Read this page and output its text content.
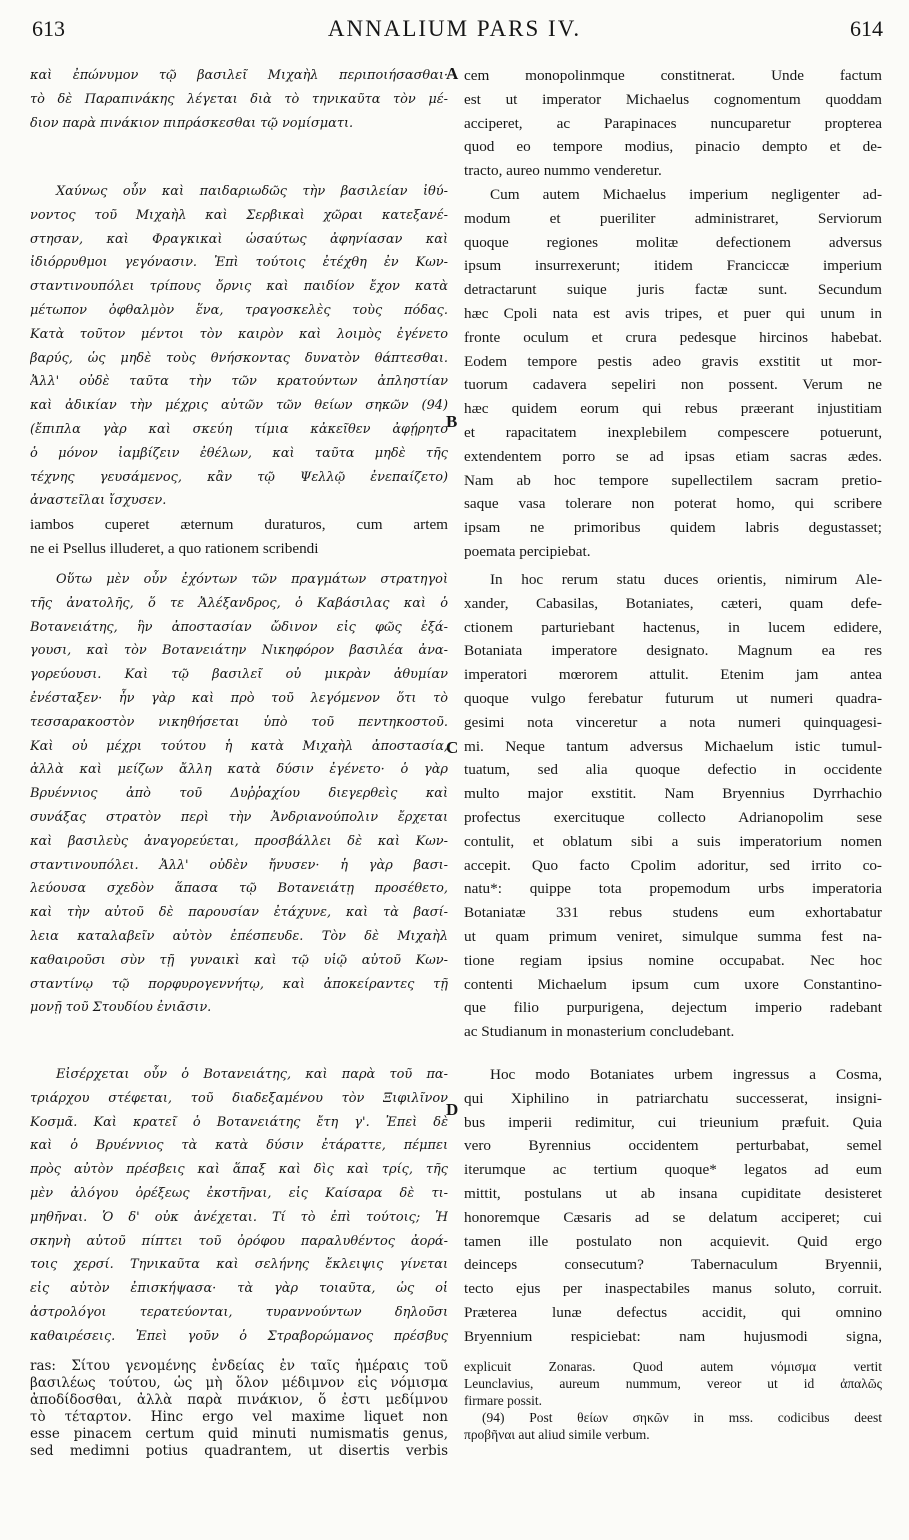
613	ANNALIUM PARS IV.	614
A
B
C
D
καὶ ἐπώνυμον τῷ βασιλεῖ Μιχαὴλ περιποιήσασθαι·
τὸ δὲ Παραπινάκης λέγεται διὰ τὸ τηνικαῦτα τὸν μέ-
διον παρὰ πινάκιον πιπράσκεσθαι τῷ νομίσματι.
Χαύνως οὖν καὶ παιδαριωδῶς τὴν βασιλείαν ἰθύ-
νοντος τοῦ Μιχαὴλ καὶ Σερβικαὶ χῶραι κατεξανέ-
στησαν, καὶ Φραγκικαὶ ὡσαύτως ἀφηνίασαν καὶ
ἰδιόρρυθμοι γεγόνασιν. Ἐπὶ τούτοις ἐτέχθη ἐν Κων-
σταντινουπόλει τρίπους ὄρνις καὶ παιδίον ἔχον κατὰ
μέτωπον ὀφθαλμὸν ἕνα, τραγοσκελὲς τοὺς πόδας.
Κατὰ τοῦτον μέντοι τὸν καιρὸν καὶ λοιμὸς ἐγένετο
βαρύς, ὡς μηδὲ τοὺς θνήσκοντας δυνατὸν θάπτεσθαι.
Ἀλλ' οὐδὲ ταῦτα τὴν τῶν κρατούντων ἀπληστίαν
καὶ ἀδικίαν τὴν μέχρις αὐτῶν τῶν θείων σηκῶν (94)
(ἔπιπλα γὰρ καὶ σκεύη τίμια κἀκεῖθεν ἀφῄρητο
ὁ μόνον ἰαμβίζειν ἐθέλων, καὶ ταῦτα μηδὲ τῆς
τέχνης γευσάμενος, κἂν τῷ Ψελλῷ ἐνεπαίζετο)
ἀναστεῖλαι ἴσχυσεν.
iambos cuperet æternum duraturos, cum artem
ne ei Psellus illuderet, a quo rationem scribendi
Οὕτω μὲν οὖν ἐχόντων τῶν πραγμάτων στρατηγοὶ
τῆς ἀνατολῆς, ὅ τε Ἀλέξανδρος, ὁ Καβάσιλας καὶ ὁ
Βοτανειάτης, ἣν ἀποστασίαν ὤδινον εἰς φῶς ἐξά-
γουσι, καὶ τὸν Βοτανειάτην Νικηφόρον βασιλέα ἀνα-
γορεύουσι. Καὶ τῷ βασιλεῖ οὐ μικρὰν ἀθυμίαν
ἐνέσταξεν· ἦν γὰρ καὶ πρὸ τοῦ λεγόμενον ὅτι τὸ
τεσσαρακοστὸν νικηθήσεται ὑπὸ τοῦ πεντηκοστοῦ.
Καὶ οὐ μέχρι τούτου ἡ κατὰ Μιχαὴλ ἀποστασία,
ἀλλὰ καὶ μείζων ἄλλη κατὰ δύσιν ἐγένετο· ὁ γὰρ
Βρυέννιος ἀπὸ τοῦ Δυῤῥαχίου διεγερθεὶς καὶ
συνάξας στρατὸν περὶ τὴν Ἀνδριανούπολιν ἔρχεται
καὶ βασιλεὺς ἀναγορεύεται, προσβάλλει δὲ καὶ Κων-
σταντινουπόλει. Ἀλλ' οὐδὲν ἤνυσεν· ἡ γὰρ βασι-
λεύουσα σχεδὸν ἅπασα τῷ Βοτανειάτῃ προσέθετο,
καὶ τὴν αὐτοῦ δὲ παρουσίαν ἐτάχυνε, καὶ τὰ βασί-
λεια καταλαβεῖν αὐτὸν ἐπέσπευδε. Τὸν δὲ Μιχαὴλ
καθαιροῦσι σὺν τῇ γυναικὶ καὶ τῷ υἱῷ αὐτοῦ Κων-
σταντίνῳ τῷ πορφυρογεννήτῳ, καὶ ἀποκείραντες τῇ
μονῇ τοῦ Στουδίου ἐνιᾶσιν.
Εἰσέρχεται οὖν ὁ Βοτανειάτης, καὶ παρὰ τοῦ πα-
τριάρχου στέφεται, τοῦ διαδεξαμένου τὸν Ξιφιλῖνον
Κοσμᾶ. Καὶ κρατεῖ ὁ Βοτανειάτης ἔτη γ'. Ἐπεὶ δὲ
καὶ ὁ Βρυέννιος τὰ κατὰ δύσιν ἐτάραττε, πέμπει
πρὸς αὐτὸν πρέσβεις καὶ ἅπαξ καὶ δὶς καὶ τρίς, τῆς
μὲν ἀλόγου ὀρέξεως ἐκστῆναι, εἰς Καίσαρα δὲ τι-
μηθῆναι. Ὁ δ' οὐκ ἀνέχεται. Τί τὸ ἐπὶ τούτοις; Ἡ
σκηνὴ αὐτοῦ πίπτει τοῦ ὀρόφου παραλυθέντος ἀορά-
τοις χερσί. Τηνικαῦτα καὶ σελήνης ἔκλειψις γίνεται
εἰς αὐτὸν ἐπισκήψασα· τὰ γὰρ τοιαῦτα, ὡς οἱ
ἀστρολόγοι τερατεύονται, τυραννούντων δηλοῦσι
καθαιρέσεις. Ἐπεὶ γοῦν ὁ Στραβορώμανος πρέσβυς
cem monopolinmque constitnerat. Unde factum
est ut imperator Michaelus cognomentum quoddam
acciperet, ac Parapinaces nuncuparetur propterea
quod eo tempore modius, pinacio dempto et de-
tracto, aureo nummo venderetur.
Cum autem Michaelus imperium negligenter ad-
modum et pueriliter administraret, Serviorum
quoque regiones molitæ defectionem adversus
ipsum insurrexerunt; itidem Franciccæ imperium
detractarunt suique juris factæ sunt. Secundum
hæc Cpoli nata est avis tripes, et puer qui unum in
fronte oculum et crura pedesque hircinos habebat.
Eodem tempore pestis adeo gravis exstitit ut mor-
tuorum cadavera sepeliri non possent. Verum ne
hæc quidem eorum qui rebus præerant injustitiam
et rapacitatem inexplebilem compescere potuerunt,
extendentem porro se ad ipsas etiam sacras ædes.
Nam ab hoc tempore supellectilem sacram pretio-
saque vasa tolerare non poterat homo, qui scribere
ipsam ne primoribus quidem labris degustasset;
poemata percipiebat.
In hoc rerum statu duces orientis, nimirum Ale-
xander, Cabasilas, Botaniates, cæteri, quam defe-
ctionem parturiebant hactenus, in lucem edidere,
Botaniata imperatore designato. Magnum ea res
imperatori mœrorem attulit. Etenim jam antea
quoque vulgo ferebatur futurum ut numeri quadra-
gesimi nota vinceretur a nota numeri quinquagesi-
mi. Neque tantum adversus Michaelum istic tumul-
tuatum, sed alia quoque defectio in occidente
multo major exstitit. Nam Bryennius Dyrrhachio
profectus exercituque collecto Adrianopolim sese
contulit, et oblatum sibi a suis imperatorium nomen
accepit. Quo facto Cpolim adoritur, sed irrito co-
natu*: quippe tota propemodum urbs imperatoria
Botaniatæ 331 rebus studens eum exhortabatur
ut quam primum veniret, simulque summa fest na-
tione regiam ipsius nomine occupabat. Nec hoc
contenti Michaelum ipsum cum uxore Constantino-
que filio purpurigena, dejectum imperio radebant
ac Studianum in monasterium concludebant.
Hoc modo Botaniates urbem ingressus a Cosma,
qui Xiphilino in patriarchatu successerat, insigni-
bus imperii redimitur, cui trieunium præfuit. Quia
vero Byrennius occidentem perturbabat, semel
iterumque ac tertium quoque* legatos ad eum
mittit, postulans ut ab insana cupiditate desisteret
honoremque Cæsaris ad se delatum acciperet; cui
tamen ille postulato non acquievit. Quid ergo
deinceps consecutum? Tabernaculum Bryennii,
tecto ejus per inaspectabiles manus soluto, corruit.
Præterea lunæ defectus accidit, qui omnino
Bryennium respiciebat: nam hujusmodi signa,
ras: Σίτου γενομένης ἐνδείας ἐν ταῖς ἡμέραις τοῦ
βασιλέως τούτου, ὡς μὴ ὅλον μέδιμνον εἰς νόμισμα
ἀποδίδοσθαι, ἀλλὰ παρὰ πινάκιον, ὅ ἐστι μεδίμνου
τὸ τέταρτον. Hinc ergo vel maxime liquet non
esse pinacem certum quid minuti numismatis genus,
sed medimni potius quadrantem, ut disertis verbis
explicuit Zonaras. Quod autem νόμισμα vertit
Leunclavius, aureum nummum, vereor ut id ἀπαλῶς
firmare possit.
(94) Post θείων σηκῶν in mss. codicibus deest
προβῆναι aut aliud simile verbum.
